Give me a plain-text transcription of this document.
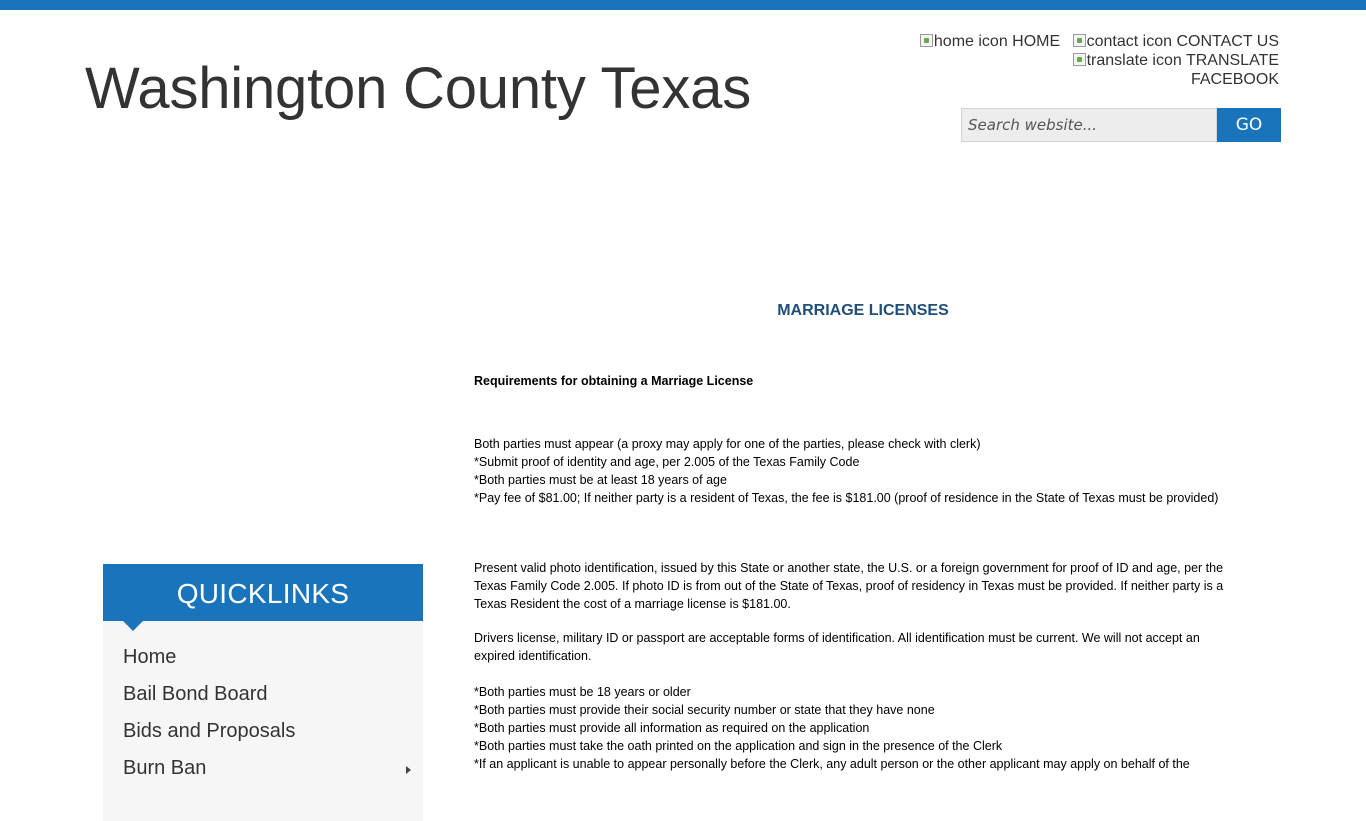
Washington County Texas
home icon HOME contact icon CONTACT US
translate icon TRANSLATE
FACEBOOK
Search website...
GO
QUICKLINKS
Home
Bail Bond Board
Bids and Proposals
Burn Ban

MARRIAGE LICENSES

Requirements for obtaining a Marriage License

Both parties must appear (a proxy may apply for one of the parties, please check with clerk)
*Submit proof of identity and age, per 2.005 of the Texas Family Code
*Both parties must be at least 18 years of age
*Pay fee of $81.00; If neither party is a resident of Texas, the fee is $181.00 (proof of residence in the State of Texas must be provided)

Present valid photo identification, issued by this State or another state, the U.S. or a foreign government for proof of ID and age, per the Texas Family Code 2.005. If photo ID is from out of the State of Texas, proof of residency in Texas must be provided. If neither party is a Texas Resident the cost of a marriage license is $181.00.

Drivers license, military ID or passport are acceptable forms of identification. All identification must be current. We will not accept an expired identification.

*Both parties must be 18 years or older
*Both parties must provide their social security number or state that they have none
*Both parties must provide all information as required on the application
*Both parties must take the oath printed on the application and sign in the presence of the Clerk
*If an applicant is unable to appear personally before the Clerk, any adult person or the other applicant may apply on behalf of the
